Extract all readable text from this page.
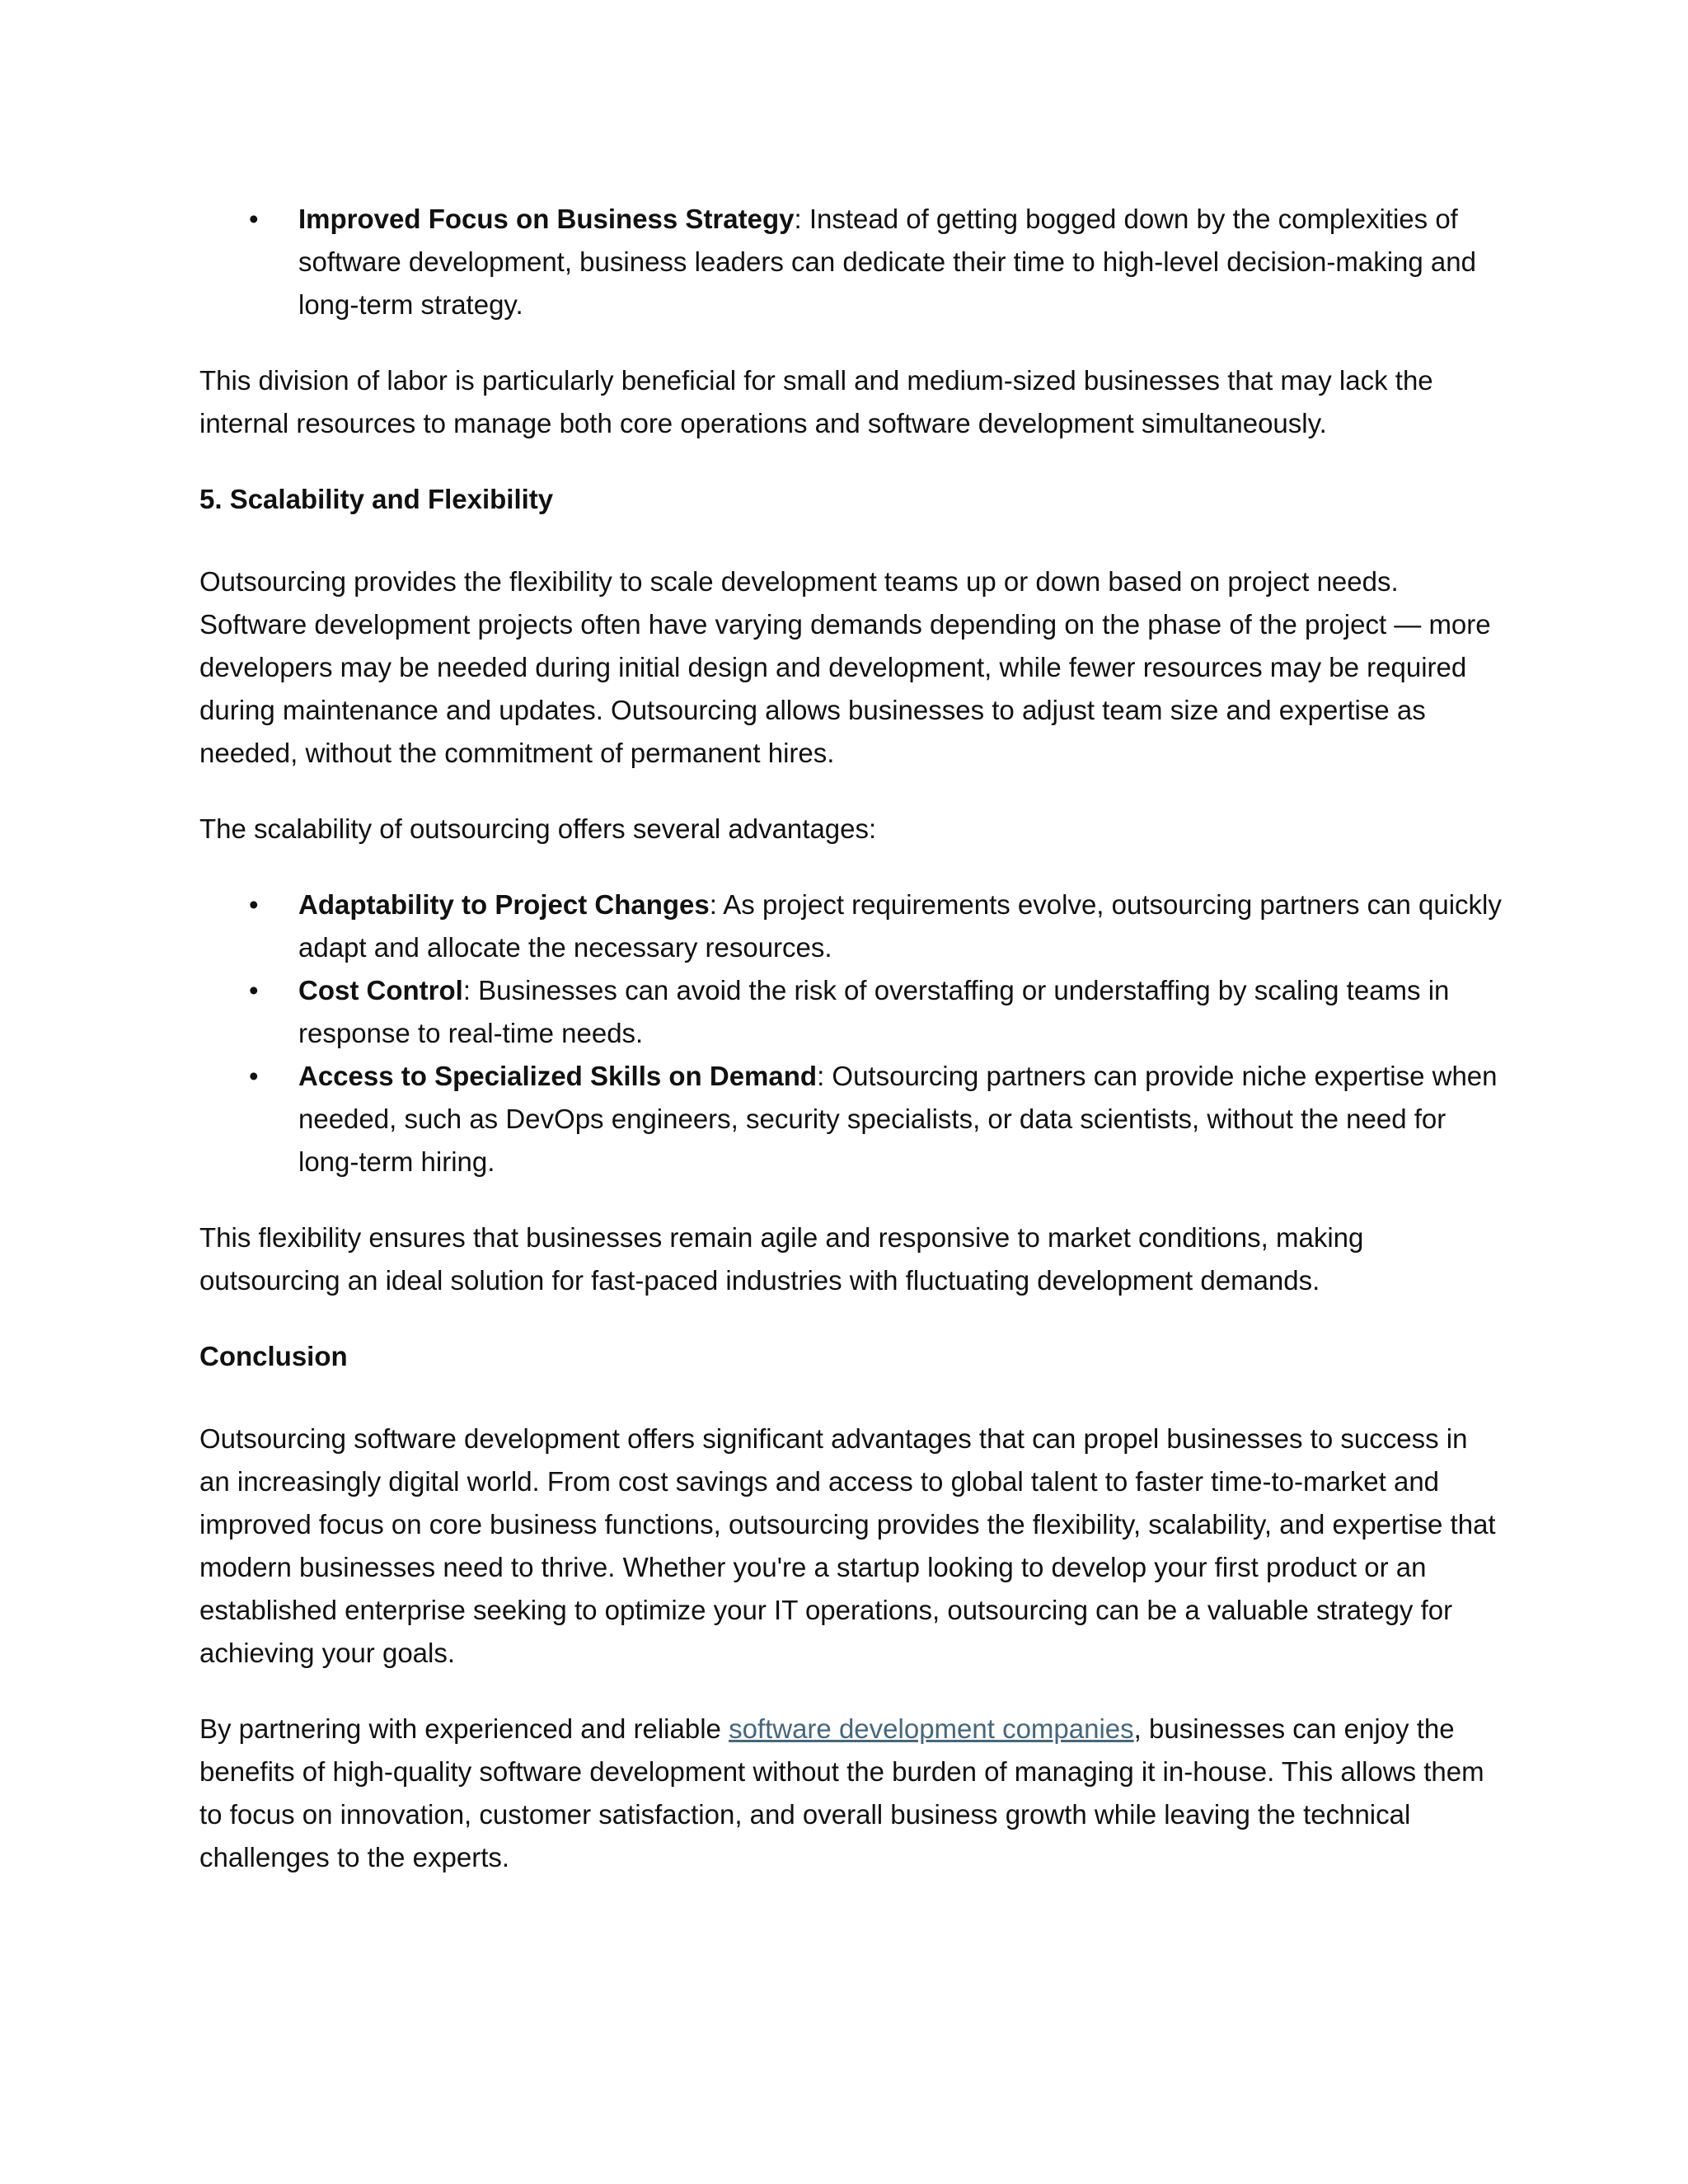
• Improved Focus on Business Strategy: Instead of getting bogged down by the complexities of software development, business leaders can dedicate their time to high-level decision-making and long-term strategy.

This division of labor is particularly beneficial for small and medium-sized businesses that may lack the internal resources to manage both core operations and software development simultaneously.

5. Scalability and Flexibility

Outsourcing provides the flexibility to scale development teams up or down based on project needs. Software development projects often have varying demands depending on the phase of the project — more developers may be needed during initial design and development, while fewer resources may be required during maintenance and updates. Outsourcing allows businesses to adjust team size and expertise as needed, without the commitment of permanent hires.

The scalability of outsourcing offers several advantages:

• Adaptability to Project Changes: As project requirements evolve, outsourcing partners can quickly adapt and allocate the necessary resources.
• Cost Control: Businesses can avoid the risk of overstaffing or understaffing by scaling teams in response to real-time needs.
• Access to Specialized Skills on Demand: Outsourcing partners can provide niche expertise when needed, such as DevOps engineers, security specialists, or data scientists, without the need for long-term hiring.

This flexibility ensures that businesses remain agile and responsive to market conditions, making outsourcing an ideal solution for fast-paced industries with fluctuating development demands.

Conclusion

Outsourcing software development offers significant advantages that can propel businesses to success in an increasingly digital world. From cost savings and access to global talent to faster time-to-market and improved focus on core business functions, outsourcing provides the flexibility, scalability, and expertise that modern businesses need to thrive. Whether you're a startup looking to develop your first product or an established enterprise seeking to optimize your IT operations, outsourcing can be a valuable strategy for achieving your goals.

By partnering with experienced and reliable software development companies, businesses can enjoy the benefits of high-quality software development without the burden of managing it in-house. This allows them to focus on innovation, customer satisfaction, and overall business growth while leaving the technical challenges to the experts.
